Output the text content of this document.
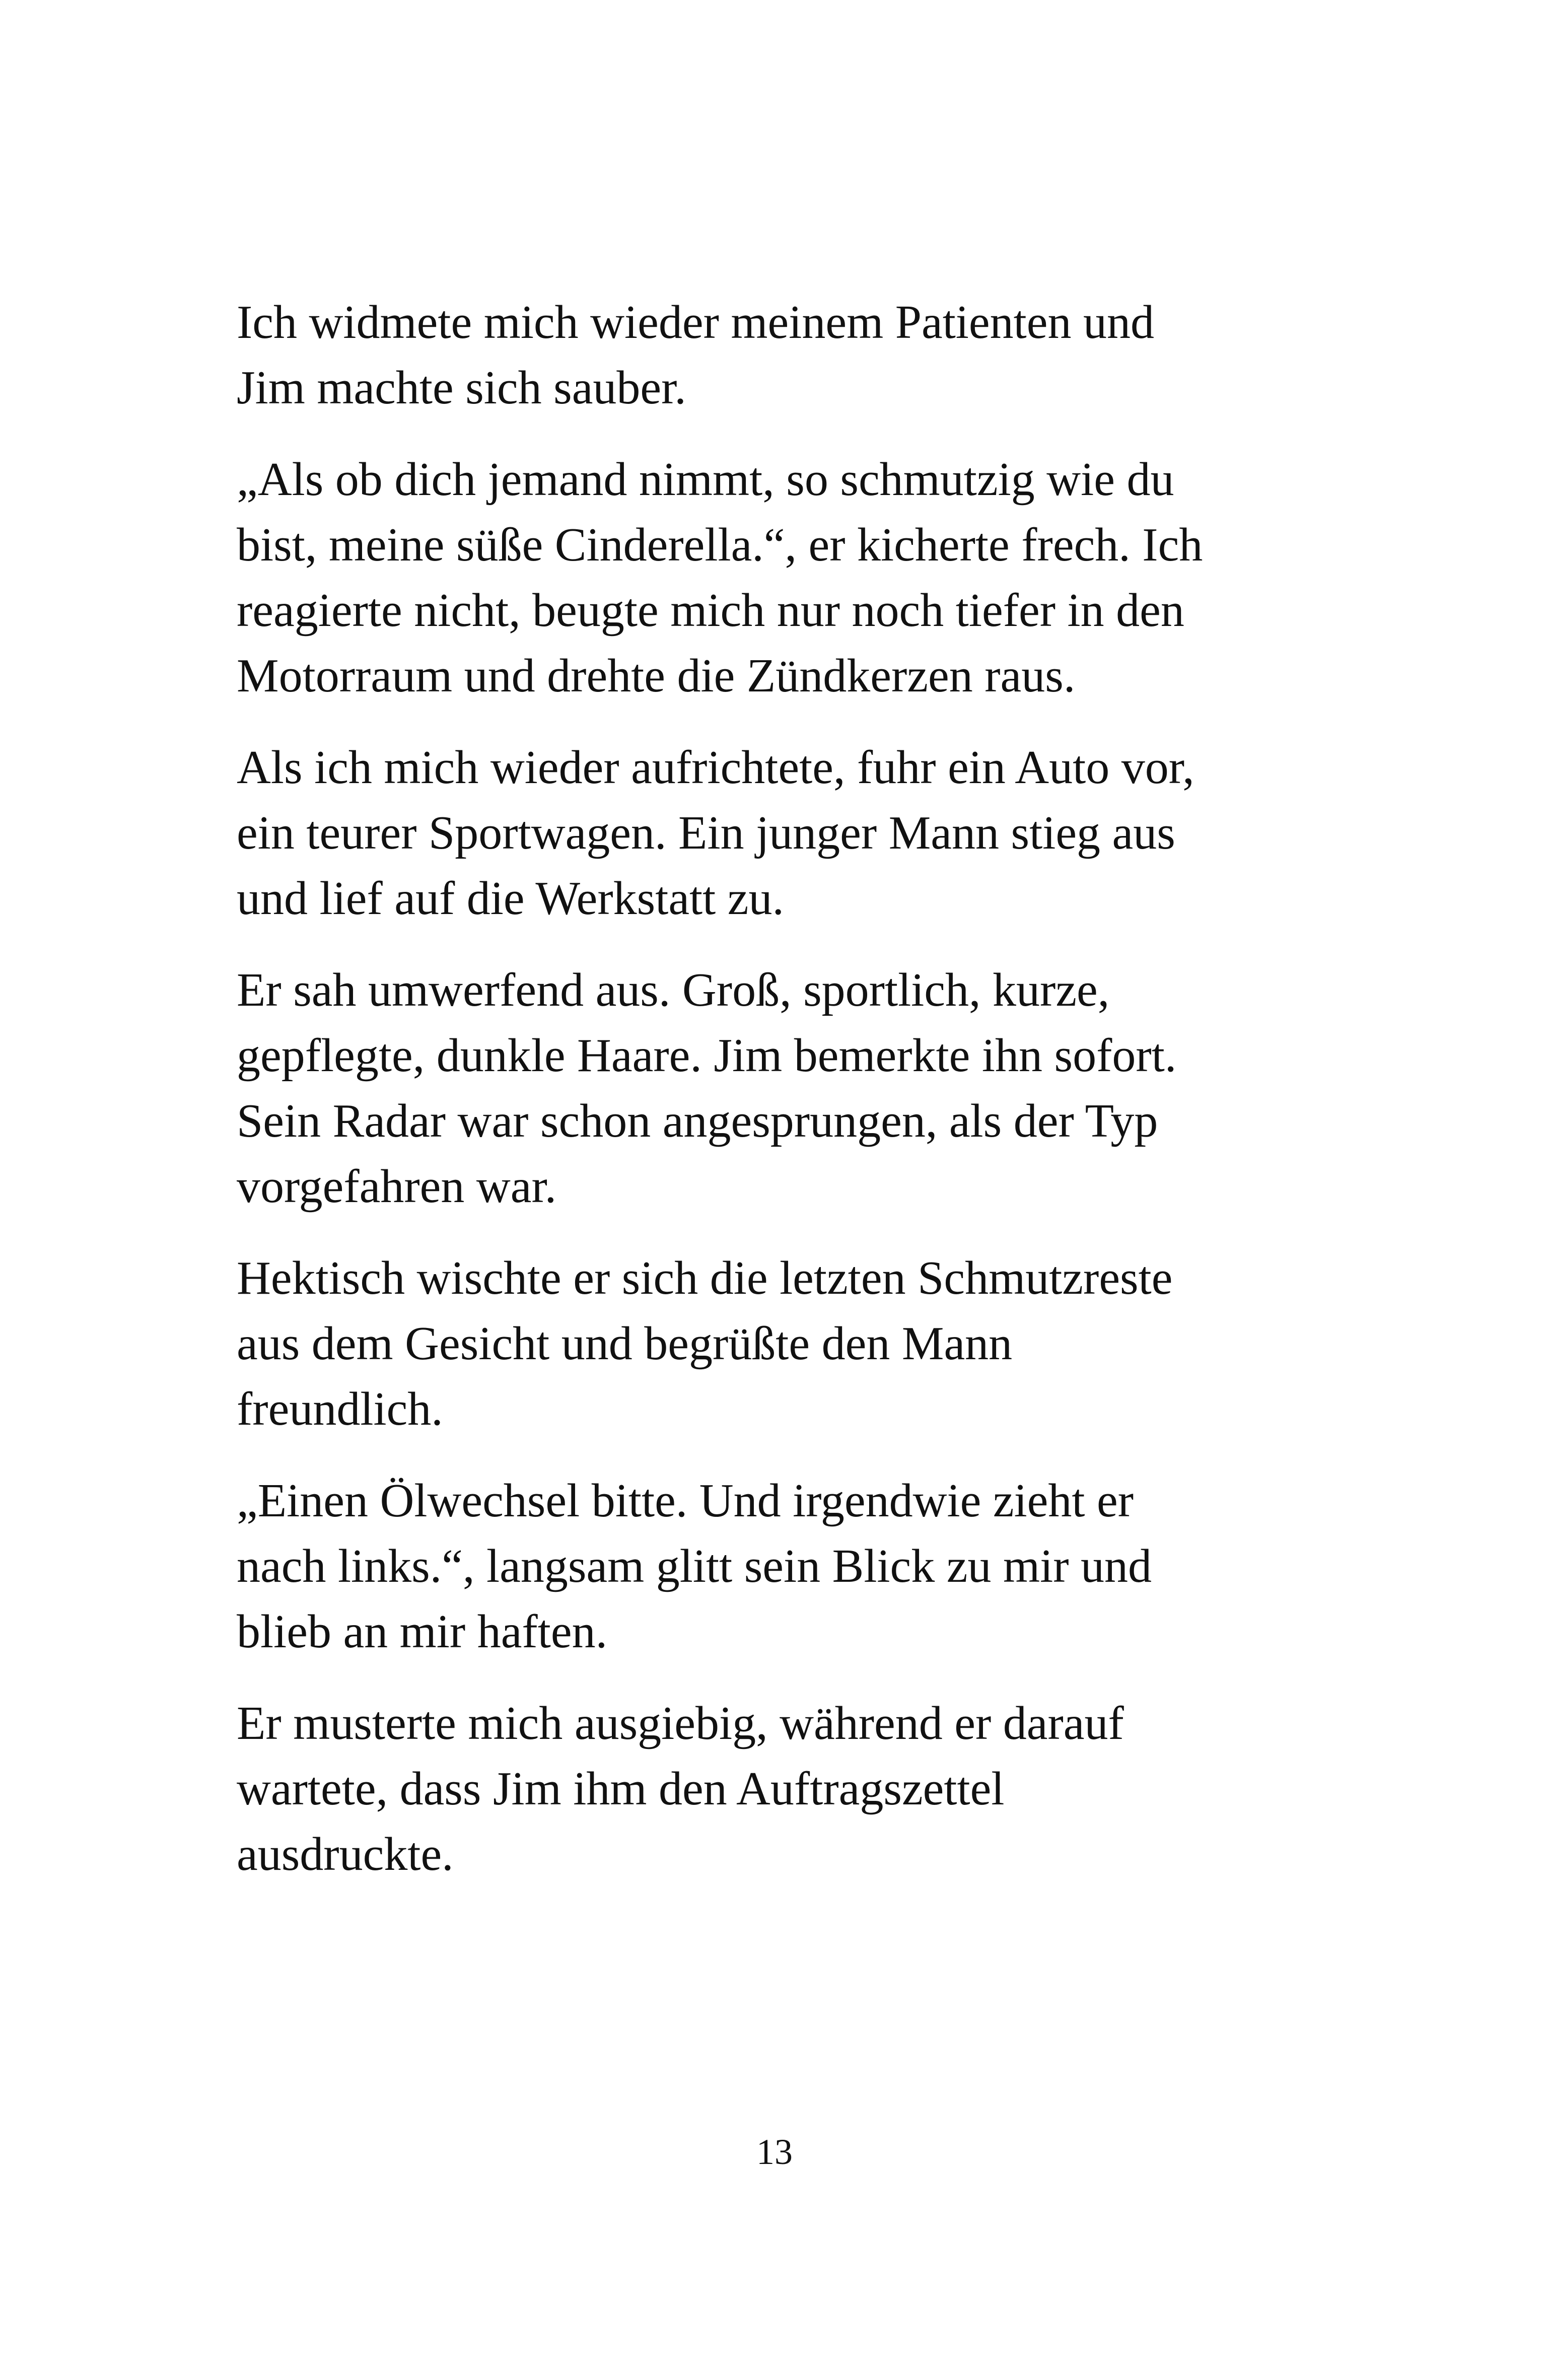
Ich widmete mich wieder meinem Patienten und
Jim machte sich sauber.

„Als ob dich jemand nimmt, so schmutzig wie du
bist, meine süße Cinderella.“, er kicherte frech. Ich
reagierte nicht, beugte mich nur noch tiefer in den
Motorraum und drehte die Zündkerzen raus.

Als ich mich wieder aufrichtete, fuhr ein Auto vor,
ein teurer Sportwagen. Ein junger Mann stieg aus
und lief auf die Werkstatt zu.

Er sah umwerfend aus. Groß, sportlich, kurze,
gepflegte, dunkle Haare. Jim bemerkte ihn sofort.
Sein Radar war schon angesprungen, als der Typ
vorgefahren war.

Hektisch wischte er sich die letzten Schmutzreste
aus dem Gesicht und begrüßte den Mann
freundlich.

„Einen Ölwechsel bitte. Und irgendwie zieht er
nach links.“, langsam glitt sein Blick zu mir und
blieb an mir haften.

Er musterte mich ausgiebig, während er darauf
wartete, dass Jim ihm den Auftragszettel
ausdruckte.

13
